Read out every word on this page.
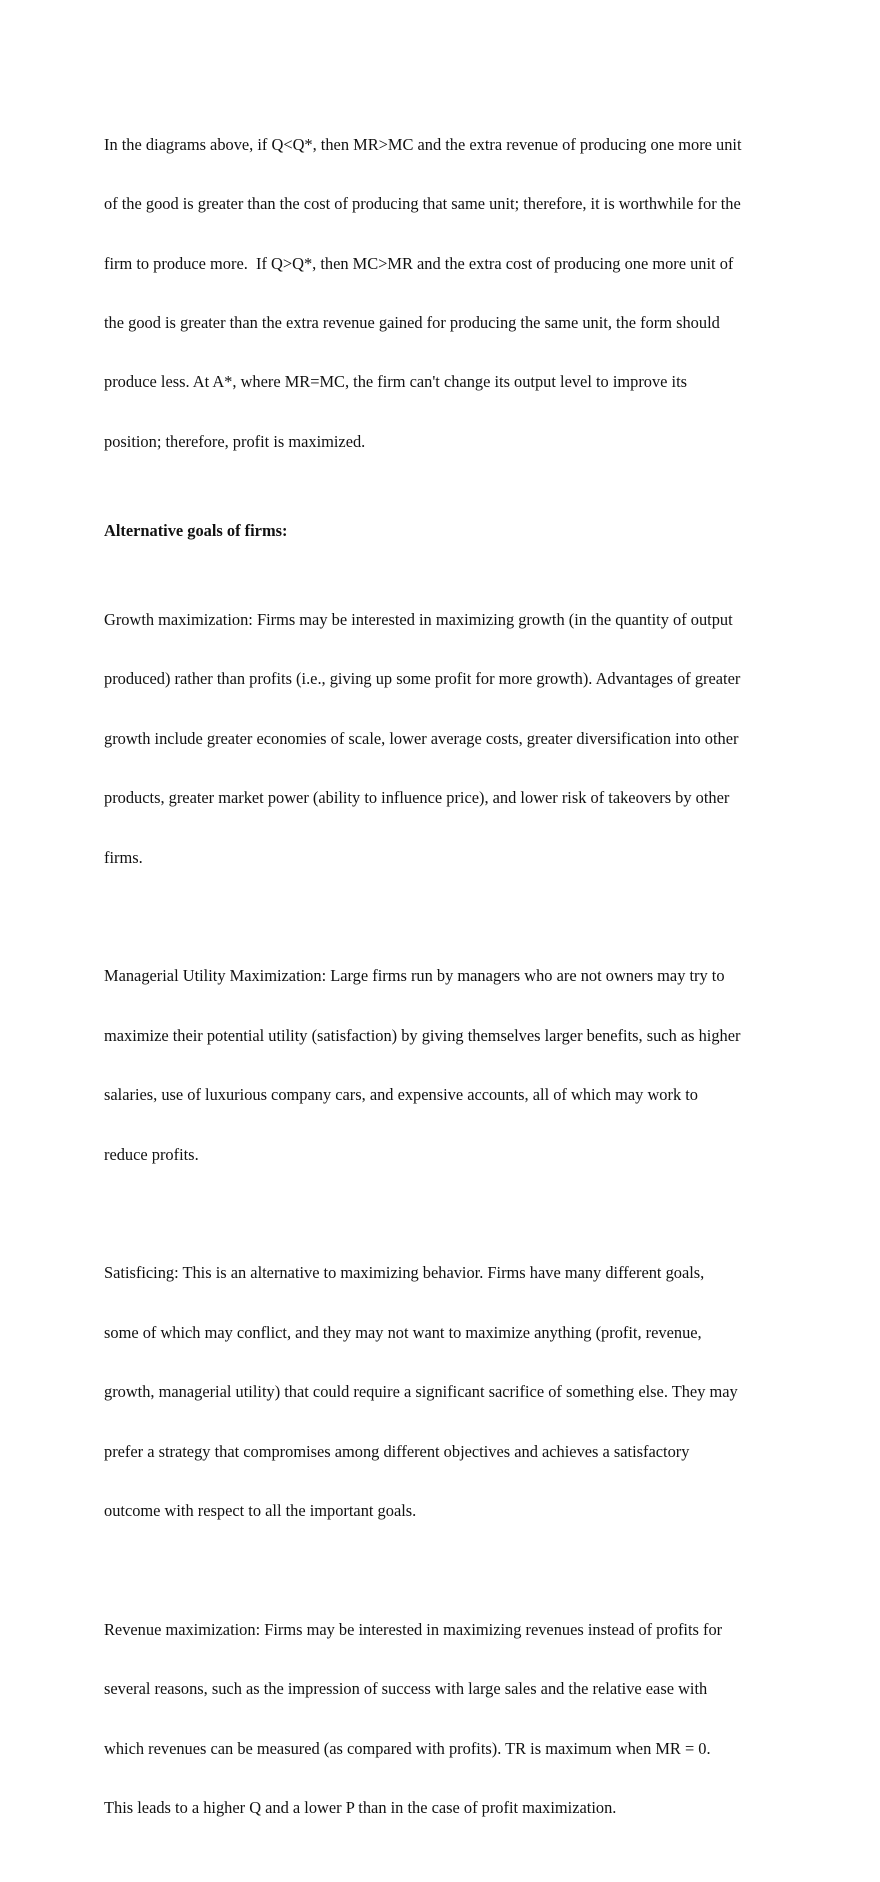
In the diagrams above, if Q<Q*, then MR>MC and the extra revenue of producing one more unit

of the good is greater than the cost of producing that same unit; therefore, it is worthwhile for the

firm to produce more.  If Q>Q*, then MC>MR and the extra cost of producing one more unit of

the good is greater than the extra revenue gained for producing the same unit, the form should

produce less. At A*, where MR=MC, the firm can't change its output level to improve its

position; therefore, profit is maximized.

Alternative goals of firms:

Growth maximization: Firms may be interested in maximizing growth (in the quantity of output

produced) rather than profits (i.e., giving up some profit for more growth). Advantages of greater

growth include greater economies of scale, lower average costs, greater diversification into other

products, greater market power (ability to influence price), and lower risk of takeovers by other

firms.

Managerial Utility Maximization: Large firms run by managers who are not owners may try to

maximize their potential utility (satisfaction) by giving themselves larger benefits, such as higher

salaries, use of luxurious company cars, and expensive accounts, all of which may work to

reduce profits.

Satisficing: This is an alternative to maximizing behavior. Firms have many different goals,

some of which may conflict, and they may not want to maximize anything (profit, revenue,

growth, managerial utility) that could require a significant sacrifice of something else. They may

prefer a strategy that compromises among different objectives and achieves a satisfactory

outcome with respect to all the important goals.

Revenue maximization: Firms may be interested in maximizing revenues instead of profits for

several reasons, such as the impression of success with large sales and the relative ease with

which revenues can be measured (as compared with profits). TR is maximum when MR = 0.

This leads to a higher Q and a lower P than in the case of profit maximization.
